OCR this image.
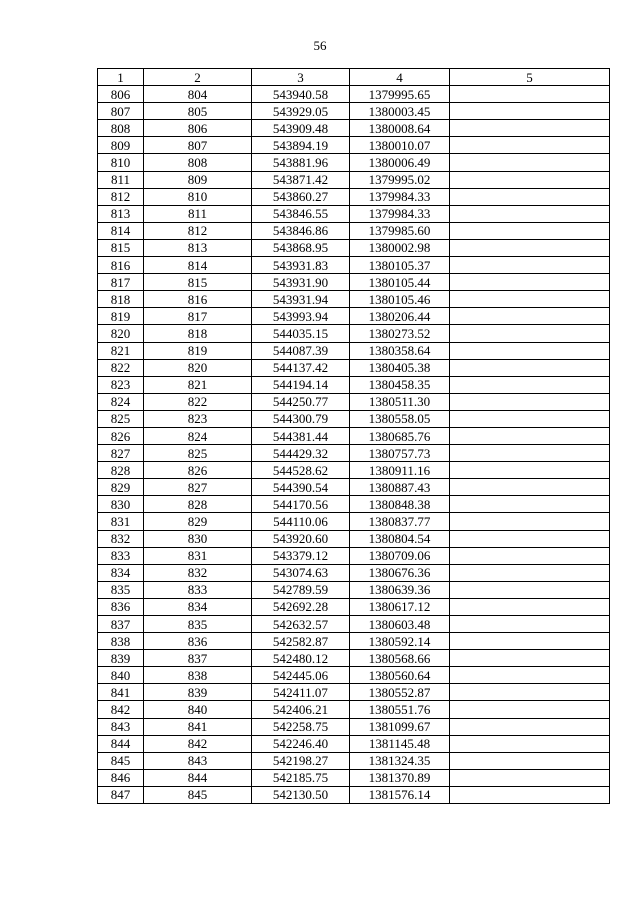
56
1	2	3	4	5
806	804	543940.58	1379995.65	
807	805	543929.05	1380003.45	
808	806	543909.48	1380008.64	
809	807	543894.19	1380010.07	
810	808	543881.96	1380006.49	
811	809	543871.42	1379995.02	
812	810	543860.27	1379984.33	
813	811	543846.55	1379984.33	
814	812	543846.86	1379985.60	
815	813	543868.95	1380002.98	
816	814	543931.83	1380105.37	
817	815	543931.90	1380105.44	
818	816	543931.94	1380105.46	
819	817	543993.94	1380206.44	
820	818	544035.15	1380273.52	
821	819	544087.39	1380358.64	
822	820	544137.42	1380405.38	
823	821	544194.14	1380458.35	
824	822	544250.77	1380511.30	
825	823	544300.79	1380558.05	
826	824	544381.44	1380685.76	
827	825	544429.32	1380757.73	
828	826	544528.62	1380911.16	
829	827	544390.54	1380887.43	
830	828	544170.56	1380848.38	
831	829	544110.06	1380837.77	
832	830	543920.60	1380804.54	
833	831	543379.12	1380709.06	
834	832	543074.63	1380676.36	
835	833	542789.59	1380639.36	
836	834	542692.28	1380617.12	
837	835	542632.57	1380603.48	
838	836	542582.87	1380592.14	
839	837	542480.12	1380568.66	
840	838	542445.06	1380560.64	
841	839	542411.07	1380552.87	
842	840	542406.21	1380551.76	
843	841	542258.75	1381099.67	
844	842	542246.40	1381145.48	
845	843	542198.27	1381324.35	
846	844	542185.75	1381370.89	
847	845	542130.50	1381576.14	
